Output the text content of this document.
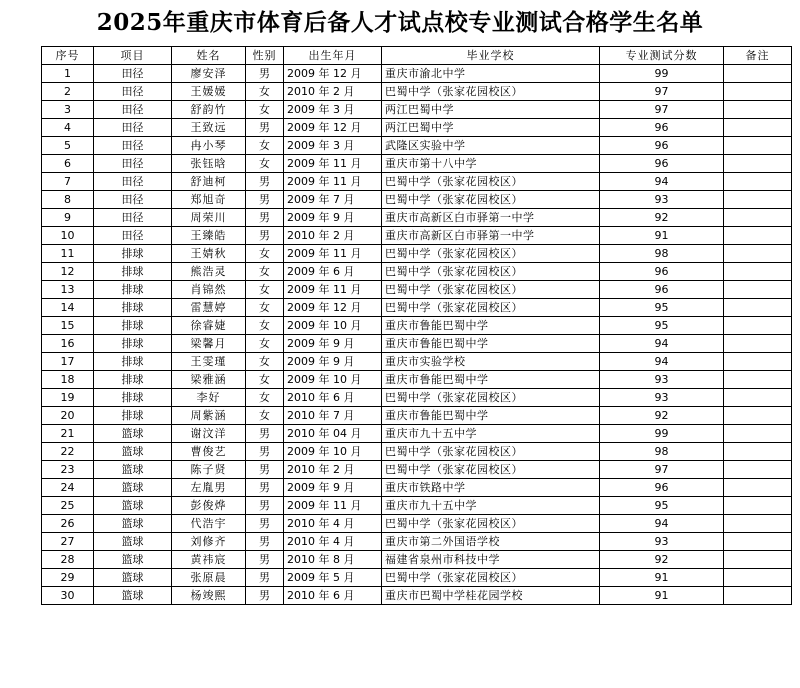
2025年重庆市体育后备人才试点校专业测试合格学生名单
序号	项目	姓名	性别	出生年月	毕业学校	专业测试分数	备注
1	田径	廖安泽	男	2009 年 12 月	重庆市渝北中学	99	
2	田径	王媛媛	女	2010 年 2 月	巴蜀中学（张家花园校区）	97	
3	田径	舒韵竹	女	2009 年 3 月	两江巴蜀中学	97	
4	田径	王致远	男	2009 年 12 月	两江巴蜀中学	96	
5	田径	冉小琴	女	2009 年 3 月	武隆区实验中学	96	
6	田径	张钰晗	女	2009 年 11 月	重庆市第十八中学	96	
7	田径	舒迪柯	男	2009 年 11 月	巴蜀中学（张家花园校区）	94	
8	田径	郑旭奇	男	2009 年 7 月	巴蜀中学（张家花园校区）	93	
9	田径	周荣川	男	2009 年 9 月	重庆市高新区白市驿第一中学	92	
10	田径	王臻皓	男	2010 年 2 月	重庆市高新区白市驿第一中学	91	
11	排球	王婧秋	女	2009 年 11 月	巴蜀中学（张家花园校区）	98	
12	排球	熊浩灵	女	2009 年 6 月	巴蜀中学（张家花园校区）	96	
13	排球	肖锦然	女	2009 年 11 月	巴蜀中学（张家花园校区）	96	
14	排球	雷慧婷	女	2009 年 12 月	巴蜀中学（张家花园校区）	95	
15	排球	徐睿婕	女	2009 年 10 月	重庆市鲁能巴蜀中学	95	
16	排球	梁馨月	女	2009 年 9 月	重庆市鲁能巴蜀中学	94	
17	排球	王雯瑾	女	2009 年 9 月	重庆市实验学校	94	
18	排球	梁雅涵	女	2009 年 10 月	重庆市鲁能巴蜀中学	93	
19	排球	李好	女	2010 年 6 月	巴蜀中学（张家花园校区）	93	
20	排球	周紫涵	女	2010 年 7 月	重庆市鲁能巴蜀中学	92	
21	篮球	谢汶洋	男	2010 年 04 月	重庆市九十五中学	99	
22	篮球	曹俊艺	男	2009 年 10 月	巴蜀中学（张家花园校区）	98	
23	篮球	陈子贤	男	2010 年 2 月	巴蜀中学（张家花园校区）	97	
24	篮球	左胤男	男	2009 年 9 月	重庆市铁路中学	96	
25	篮球	彭俊烨	男	2009 年 11 月	重庆市九十五中学	95	
26	篮球	代浩宇	男	2010 年 4 月	巴蜀中学（张家花园校区）	94	
27	篮球	刘修齐	男	2010 年 4 月	重庆市第二外国语学校	93	
28	篮球	黄祎宸	男	2010 年 8 月	福建省泉州市科技中学	92	
29	篮球	张原晨	男	2009 年 5 月	巴蜀中学（张家花园校区）	91	
30	篮球	杨竣熙	男	2010 年 6 月	重庆市巴蜀中学桂花园学校	91	
